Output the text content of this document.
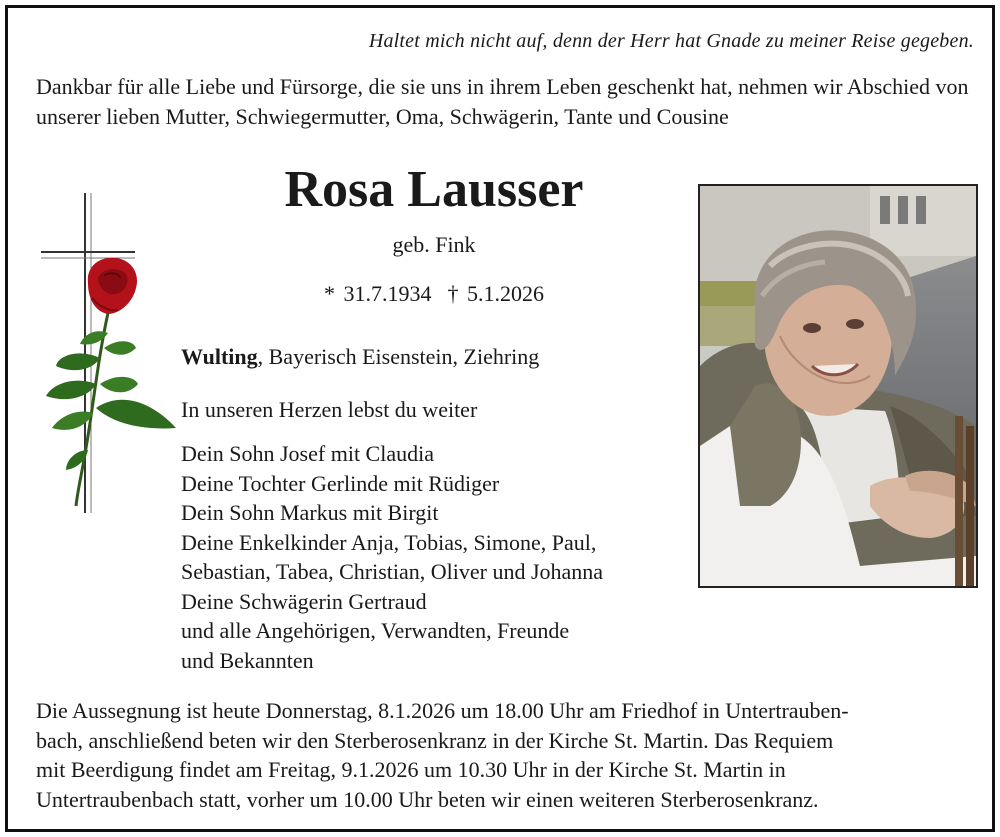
Haltet mich nicht auf, denn der Herr hat Gnade zu meiner Reise gegeben.
Dankbar für alle Liebe und Fürsorge, die sie uns in ihrem Leben geschenkt hat, nehmen wir Abschied von unserer lieben Mutter, Schwiegermutter, Oma, Schwägerin, Tante und Cousine
Rosa Lausser
geb. Fink
* 31.7.1934 † 5.1.2026
Wulting, Bayerisch Eisenstein, Ziehring
In unseren Herzen lebst du weiter
Dein Sohn Josef mit Claudia
Deine Tochter Gerlinde mit Rüdiger
Dein Sohn Markus mit Birgit
Deine Enkelkinder Anja, Tobias, Simone, Paul,
Sebastian, Tabea, Christian, Oliver und Johanna
Deine Schwägerin Gertraud
und alle Angehörigen, Verwandten, Freunde
und Bekannten
Die Aussegnung ist heute Donnerstag, 8.1.2026 um 18.00 Uhr am Friedhof in Untertrauben-
bach, anschließend beten wir den Sterberosenkranz in der Kirche St. Martin. Das Requiem
mit Beerdigung findet am Freitag, 9.1.2026 um 10.30 Uhr in der Kirche St. Martin in
Untertraubenbach statt, vorher um 10.00 Uhr beten wir einen weiteren Sterberosenkranz.
